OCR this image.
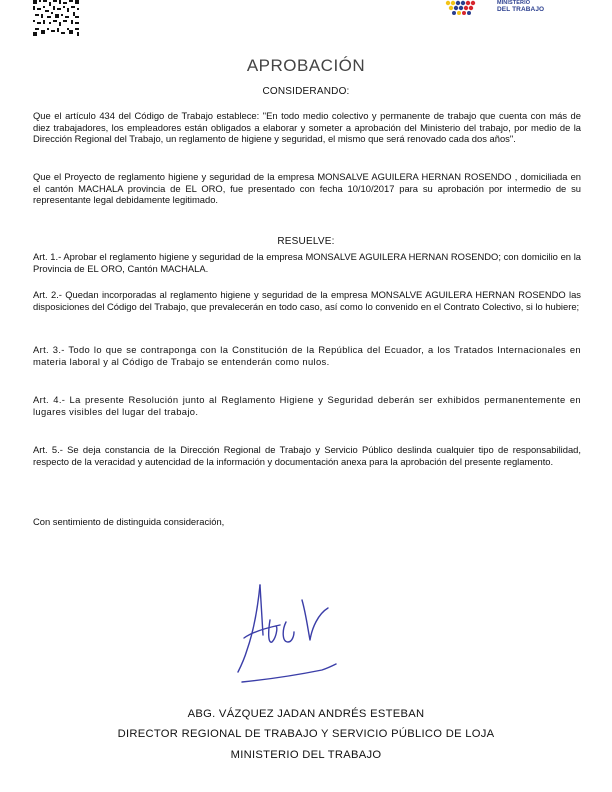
MINISTERIO
DEL TRABAJO
APROBACIÓN
CONSIDERANDO:

Que el artículo 434 del Código de Trabajo establece: "En todo medio colectivo y permanente de trabajo que cuenta con más de diez trabajadores, los empleadores están obligados a elaborar y someter a aprobación del Ministerio del trabajo, por medio de la Dirección Regional del Trabajo, un reglamento de higiene y seguridad, el mismo que será renovado cada dos años".

Que el Proyecto de reglamento higiene y seguridad de la empresa MONSALVE AGUILERA HERNAN ROSENDO , domiciliada en el cantón MACHALA provincia de EL ORO, fue presentado con fecha 10/10/2017 para su aprobación por intermedio de su representante legal debidamente legitimado.

RESUELVE:

Art. 1.- Aprobar el reglamento higiene y seguridad de la empresa MONSALVE AGUILERA HERNAN ROSENDO; con domicilio en la Provincia de EL ORO, Cantón MACHALA.

Art. 2.- Quedan incorporadas al reglamento higiene y seguridad de la empresa MONSALVE AGUILERA HERNAN ROSENDO las disposiciones del Código del Trabajo, que prevalecerán en todo caso, así como lo convenido en el Contrato Colectivo, si lo hubiere;

Art. 3.- Todo lo que se contraponga con la Constitución de la República del Ecuador, a los Tratados Internacionales en materia laboral y al Código de Trabajo se entenderán como nulos.

Art. 4.- La presente Resolución junto al Reglamento Higiene y Seguridad deberán ser exhibidos permanentemente en lugares visibles del lugar del trabajo.

Art. 5.- Se deja constancia de la Dirección Regional de Trabajo y Servicio Público deslinda cualquier tipo de responsabilidad, respecto de la veracidad y autencidad de la información y documentación anexa para la aprobación del presente reglamento.

Con sentimiento de distinguida consideración,

ABG. VÁZQUEZ JADAN ANDRÉS ESTEBAN
DIRECTOR REGIONAL DE TRABAJO Y SERVICIO PÚBLICO DE LOJA
MINISTERIO DEL TRABAJO
